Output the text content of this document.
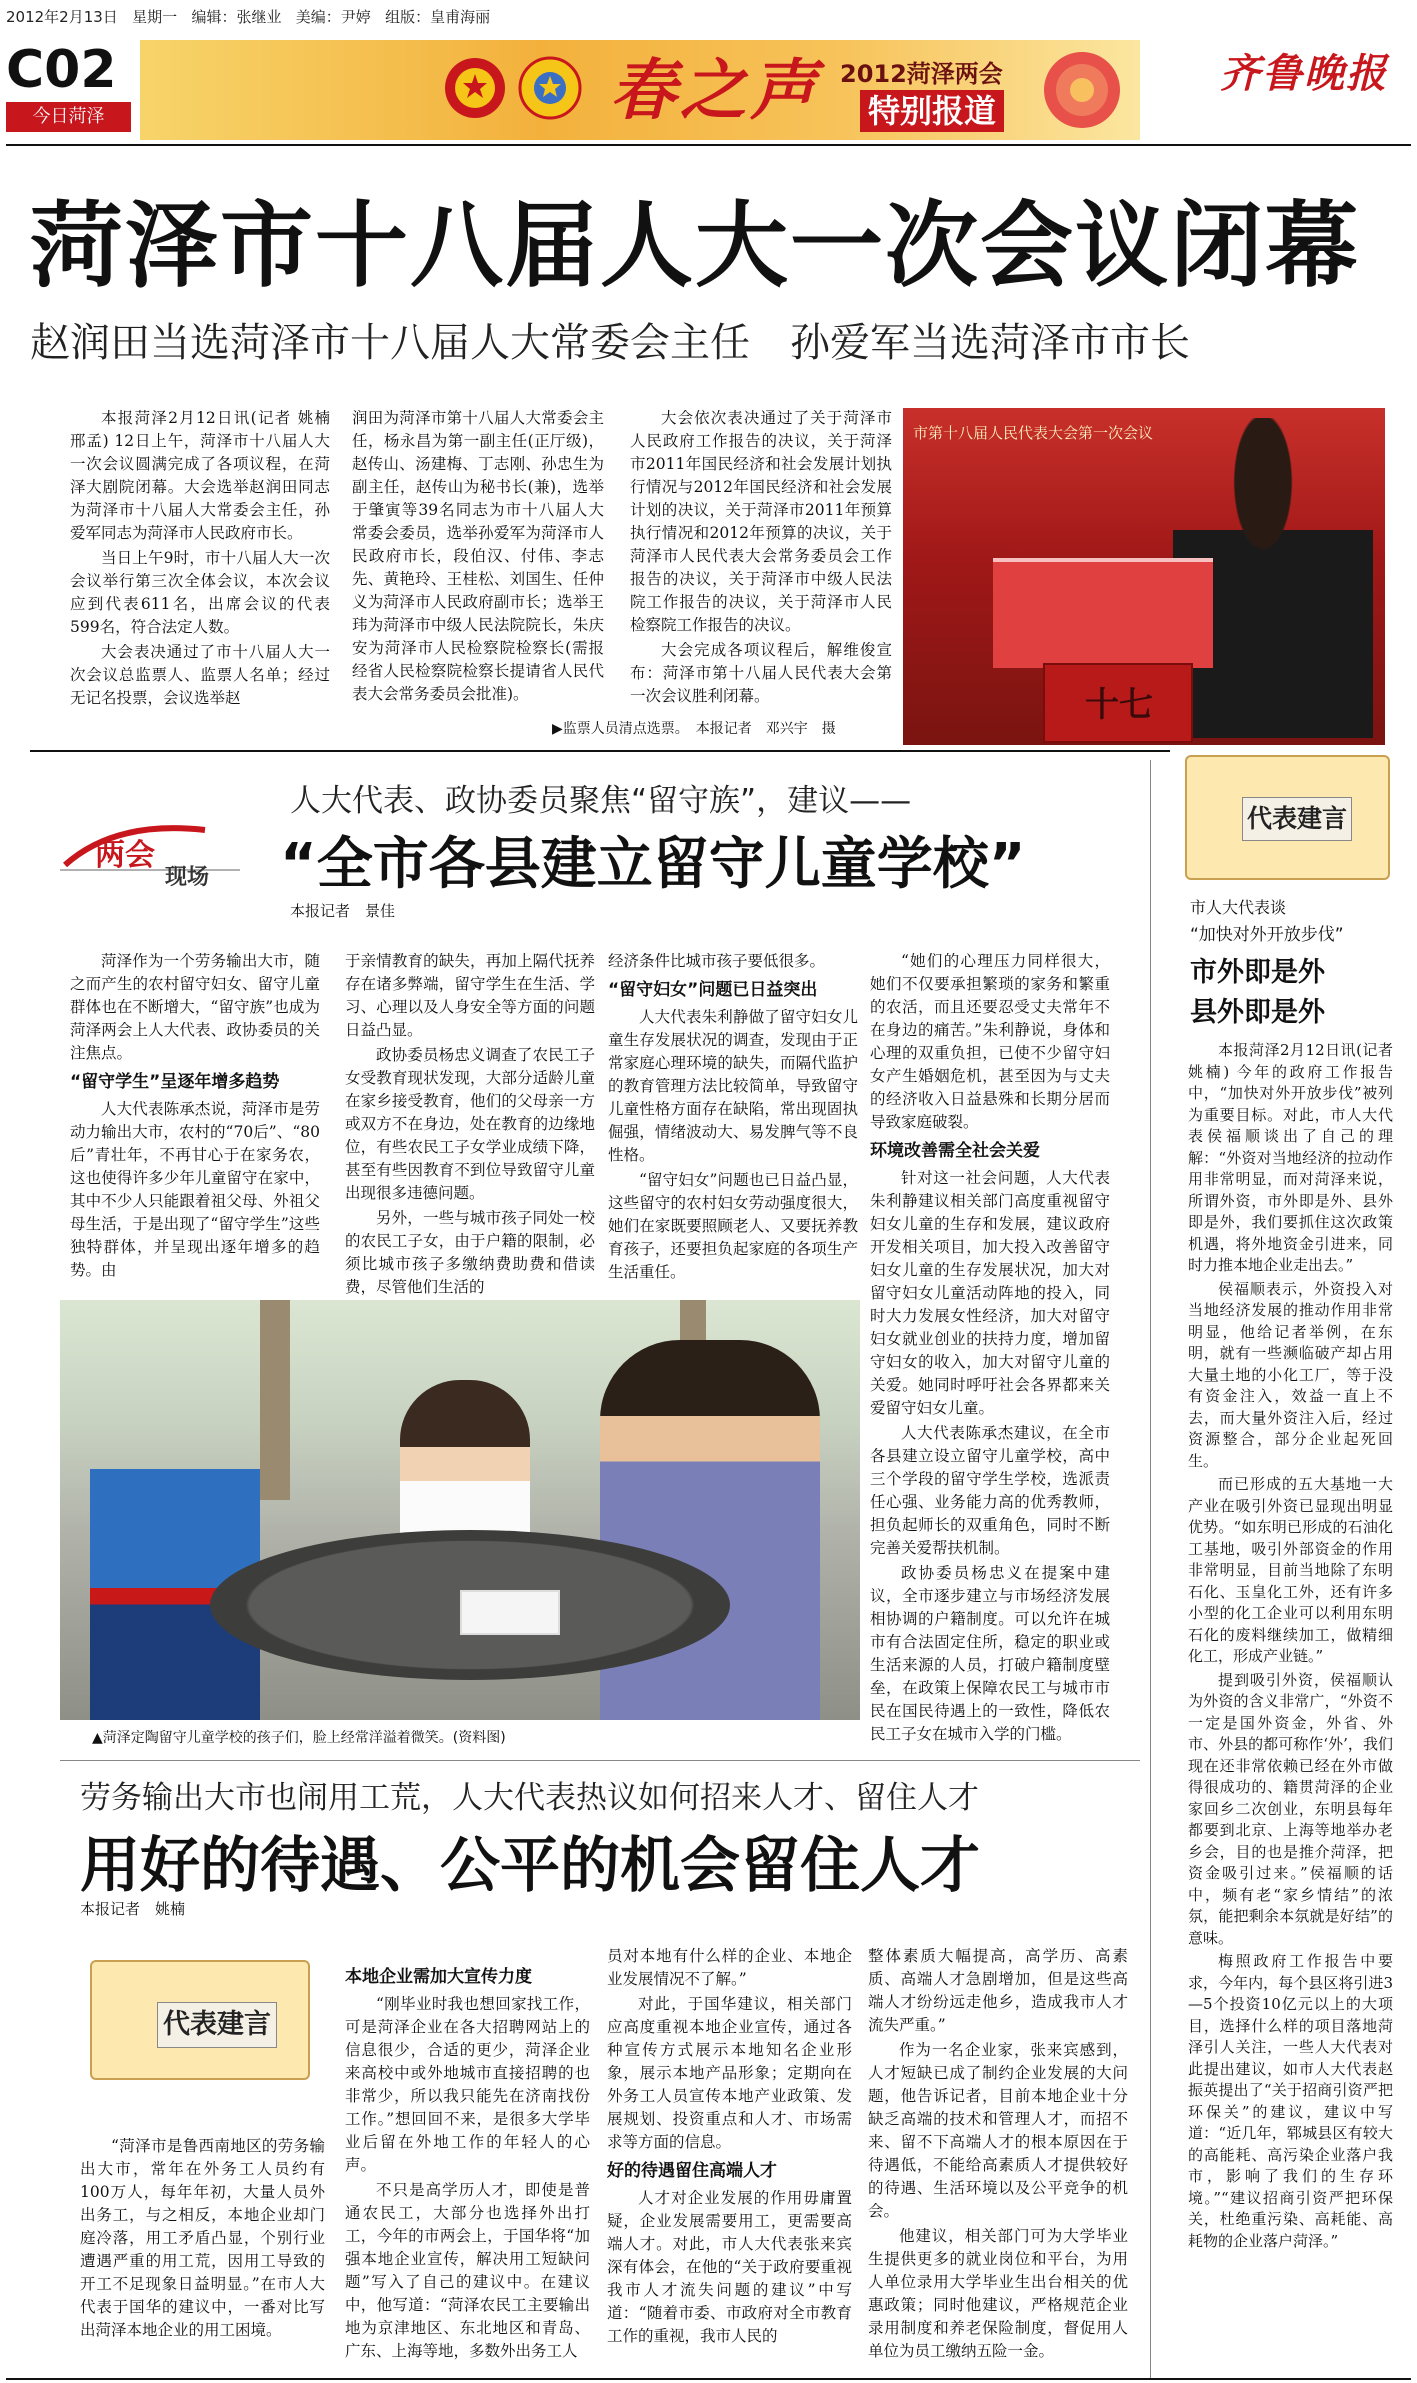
2012年2月13日 星期一 编辑：张继业 美编：尹婷 组版：皇甫海丽
C02
今日菏泽	春之声 2012菏泽两会
特别报道
齐鲁晚报
菏泽市十八届人大一次会议闭幕
赵润田当选菏泽市十八届人大常委会主任　孙爱军当选菏泽市市长

本报菏泽2月12日讯(记者 姚楠 邢孟) 12日上午，菏泽市十八届人大一次会议圆满完成了各项议程，在菏泽大剧院闭幕。大会选举赵润田同志为菏泽市十八届人大常委会主任，孙爱军同志为菏泽市人民政府市长。

当日上午9时，市十八届人大一次会议举行第三次全体会议，本次会议应到代表611名，出席会议的代表599名，符合法定人数。

大会表决通过了市十八届人大一次会议总监票人、监票人名单；经过无记名投票，会议选举赵

润田为菏泽市第十八届人大常委会主任，杨永昌为第一副主任(正厅级)，赵传山、汤建梅、丁志刚、孙忠生为副主任，赵传山为秘书长(兼)，选举于肇寅等39名同志为市十八届人大常委会委员，选举孙爱军为菏泽市人民政府市长，段伯汉、付伟、李志先、黄艳玲、王桂松、刘国生、任仲义为菏泽市人民政府副市长；选举王玮为菏泽市中级人民法院院长，朱庆安为菏泽市人民检察院检察长(需报经省人民检察院检察长提请省人民代表大会常务委员会批准)。

大会依次表决通过了关于菏泽市人民政府工作报告的决议，关于菏泽市2011年国民经济和社会发展计划执行情况与2012年国民经济和社会发展计划的决议，关于菏泽市2011年预算执行情况和2012年预算的决议，关于菏泽市人民代表大会常务委员会工作报告的决议，关于菏泽市中级人民法院工作报告的决议，关于菏泽市人民检察院工作报告的决议。

大会完成各项议程后，解维俊宣布：菏泽市第十八届人民代表大会第一次会议胜利闭幕。

市第十八届人民代表大会第一次会议
十七
▶监票人员清点选票。　本报记者　邓兴宇　摄
两会
现场
人大代表、政协委员聚焦“留守族”，建议——
“全市各县建立留守儿童学校”
本报记者　景佳

菏泽作为一个劳务输出大市，随之而产生的农村留守妇女、留守儿童群体也在不断增大，“留守族”也成为菏泽两会上人大代表、政协委员的关注焦点。

“留守学生”呈逐年增多趋势

人大代表陈承杰说，菏泽市是劳动力输出大市，农村的“70后”、“80后”青壮年，不再甘心于在家务农，这也使得许多少年儿童留守在家中，其中不少人只能跟着祖父母、外祖父母生活，于是出现了“留守学生”这些独特群体，并呈现出逐年增多的趋势。由

于亲情教育的缺失，再加上隔代抚养存在诸多弊端，留守学生在生活、学习、心理以及人身安全等方面的问题日益凸显。

政协委员杨忠义调查了农民工子女受教育现状发现，大部分适龄儿童在家乡接受教育，他们的父母亲一方或双方不在身边，处在教育的边缘地位，有些农民工子女学业成绩下降，甚至有些因教育不到位导致留守儿童出现很多违德问题。

另外，一些与城市孩子同处一校的农民工子女，由于户籍的限制，必须比城市孩子多缴纳费助费和借读费，尽管他们生活的

经济条件比城市孩子要低很多。

“留守妇女”问题已日益突出

人大代表朱利静做了留守妇女儿童生存发展状况的调查，发现由于正常家庭心理环境的缺失，而隔代监护的教育管理方法比较简单，导致留守儿童性格方面存在缺陷，常出现固执倔强，情绪波动大、易发脾气等不良性格。

“留守妇女”问题也已日益凸显，这些留守的农村妇女劳动强度很大，她们在家既要照顾老人、又要抚养教育孩子，还要担负起家庭的各项生产生活重任。

“她们的心理压力同样很大，她们不仅要承担繁琐的家务和繁重的农活，而且还要忍受丈夫常年不在身边的痛苦。”朱利静说，身体和心理的双重负担，已使不少留守妇女产生婚姻危机，甚至因为与丈夫的经济收入日益悬殊和长期分居而导致家庭破裂。

环境改善需全社会关爱

针对这一社会问题，人大代表朱利静建议相关部门高度重视留守妇女儿童的生存和发展，建议政府开发相关项目，加大投入改善留守妇女儿童的生存发展状况，加大对留守妇女儿童活动阵地的投入，同时大力发展女性经济，加大对留守妇女就业创业的扶持力度，增加留守妇女的收入，加大对留守儿童的关爱。她同时呼吁社会各界都来关爱留守妇女儿童。

人大代表陈承杰建议，在全市各县建立设立留守儿童学校，高中三个学段的留守学生学校，选派责任心强、业务能力高的优秀教师，担负起师长的双重角色，同时不断完善关爱帮扶机制。

政协委员杨忠义在提案中建议，全市逐步建立与市场经济发展相协调的户籍制度。可以允许在城市有合法固定住所，稳定的职业或生活来源的人员，打破户籍制度壁垒，在政策上保障农民工与城市市民在国民待遇上的一致性，降低农民工子女在城市入学的门槛。

▲菏泽定陶留守儿童学校的孩子们，脸上经常洋溢着微笑。(资料图)
代表建言
市人大代表谈
“加快对外开放步伐”
市外即是外
县外即是外

本报菏泽2月12日讯(记者 姚楠) 今年的政府工作报告中，“加快对外开放步伐”被列为重要目标。对此，市人大代表侯福顺谈出了自己的理解：“外资对当地经济的拉动作用非常明显，而对菏泽来说，所谓外资，市外即是外、县外即是外，我们要抓住这次政策机遇，将外地资金引进来，同时力推本地企业走出去。”

侯福顺表示，外资投入对当地经济发展的推动作用非常明显，他给记者举例，在东明，就有一些濒临破产却占用大量土地的小化工厂，等于没有资金注入，效益一直上不去，而大量外资注入后，经过资源整合，部分企业起死回生。

而已形成的五大基地一大产业在吸引外资已显现出明显优势。“如东明已形成的石油化工基地，吸引外部资金的作用非常明显，目前当地除了东明石化、玉皇化工外，还有许多小型的化工企业可以利用东明石化的废料继续加工，做精细化工，形成产业链。”

提到吸引外资，侯福顺认为外资的含义非常广，“外资不一定是国外资金，外省、外市、外县的都可称作‘外’，我们现在还非常依赖已经在外市做得很成功的、籍贯菏泽的企业家回乡二次创业，东明县每年都要到北京、上海等地举办老乡会，目的也是推介菏泽，把资金吸引过来。”侯福顺的话中，频有老“家乡情结”的浓氛，能把剩余本氛就是好结”的意味。

梅照政府工作报告中要求，今年内，每个县区将引进3—5个投资10亿元以上的大项目，选择什么样的项目落地菏泽引人关注，一些人大代表对此提出建议，如市人大代表赵振英提出了“关于招商引资严把环保关”的建议，建议中写道：“近几年，郓城县区有较大的高能耗、高污染企业落户我市，影响了我们的生存环境。”“建议招商引资严把环保关，杜绝重污染、高耗能、高耗物的企业落户菏泽。”

劳务输出大市也闹用工荒，人大代表热议如何招来人才、留住人才
用好的待遇、公平的机会留住人才
本报记者　姚楠
代表建言

“菏泽市是鲁西南地区的劳务输出大市，常年在外务工人员约有100万人，每年年初，大量人员外出务工，与之相反，本地企业却门庭冷落，用工矛盾凸显，个别行业遭遇严重的用工荒，因用工导致的开工不足现象日益明显。”在市人大代表于国华的建议中，一番对比写出菏泽本地企业的用工困境。

本地企业需加大宣传力度

“刚毕业时我也想回家找工作，可是菏泽企业在各大招聘网站上的信息很少，合适的更少，菏泽企业来高校中或外地城市直接招聘的也非常少，所以我只能先在济南找份工作。”想回回不来，是很多大学毕业后留在外地工作的年轻人的心声。

不只是高学历人才，即使是普通农民工，大部分也选择外出打工，今年的市两会上，于国华将“加强本地企业宣传，解决用工短缺问题”写入了自己的建议中。在建议中，他写道：“菏泽农民工主要输出地为京津地区、东北地区和青岛、广东、上海等地，多数外出务工人

员对本地有什么样的企业、本地企业发展情况不了解。”

对此，于国华建议，相关部门应高度重视本地企业宣传，通过各种宣传方式展示本地知名企业形象，展示本地产品形象；定期向在外务工人员宣传本地产业政策、发展规划、投资重点和人才、市场需求等方面的信息。

好的待遇留住高端人才

人才对企业发展的作用毋庸置疑，企业发展需要用工，更需要高端人才。对此，市人大代表张来宾深有体会，在他的“关于政府要重视我市人才流失问题的建议”中写道：“随着市委、市政府对全市教育工作的重视，我市人民的

整体素质大幅提高，高学历、高素质、高端人才急剧增加，但是这些高端人才纷纷远走他乡，造成我市人才流失严重。”

作为一名企业家，张来宾感到，人才短缺已成了制约企业发展的大问题，他告诉记者，目前本地企业十分缺乏高端的技术和管理人才，而招不来、留不下高端人才的根本原因在于待遇低，不能给高素质人才提供较好的待遇、生活环境以及公平竞争的机会。

他建议，相关部门可为大学毕业生提供更多的就业岗位和平台，为用人单位录用大学毕业生出台相关的优惠政策；同时他建议，严格规范企业录用制度和养老保险制度，督促用人单位为员工缴纳五险一金。
